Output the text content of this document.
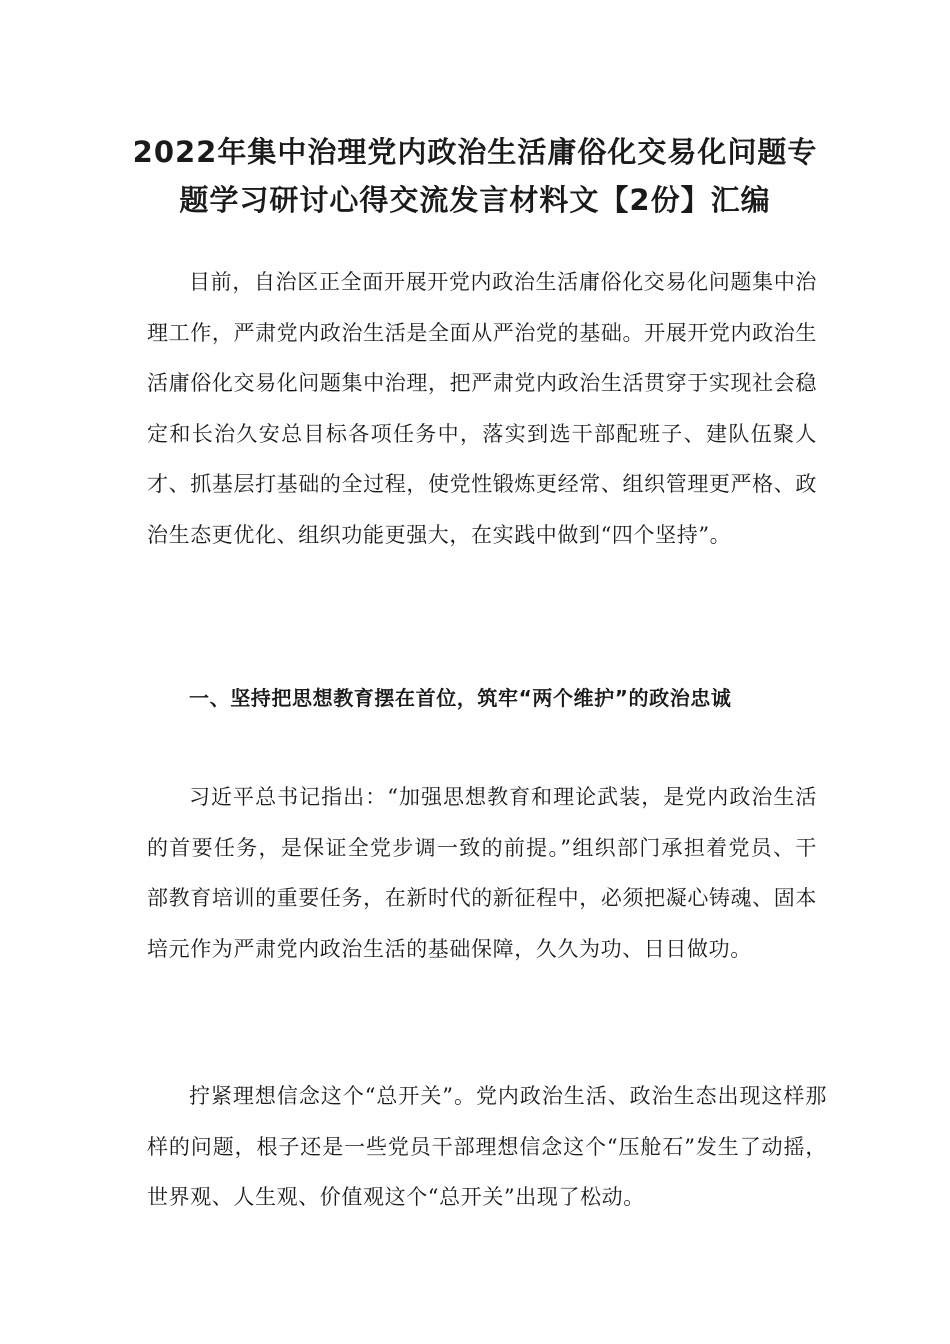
2022年集中治理党内政治生活庸俗化交易化问题专题学习研讨心得交流发言材料文【2份】汇编

目前，自治区正全面开展开党内政治生活庸俗化交易化问题集中治理工作，严肃党内政治生活是全面从严治党的基础。开展开党内政治生活庸俗化交易化问题集中治理，把严肃党内政治生活贯穿于实现社会稳定和长治久安总目标各项任务中，落实到选干部配班子、建队伍聚人才、抓基层打基础的全过程，使党性锻炼更经常、组织管理更严格、政治生态更优化、组织功能更强大，在实践中做到“四个坚持”。

一、坚持把思想教育摆在首位，筑牢“两个维护”的政治忠诚

习近平总书记指出：“加强思想教育和理论武装，是党内政治生活的首要任务，是保证全党步调一致的前提。”组织部门承担着党员、干部教育培训的重要任务，在新时代的新征程中，必须把凝心铸魂、固本培元作为严肃党内政治生活的基础保障，久久为功、日日做功。

拧紧理想信念这个“总开关”。党内政治生活、政治生态出现这样那样的问题，根子还是一些党员干部理想信念这个“压舱石”发生了动摇，世界观、人生观、价值观这个“总开关”出现了松动。
